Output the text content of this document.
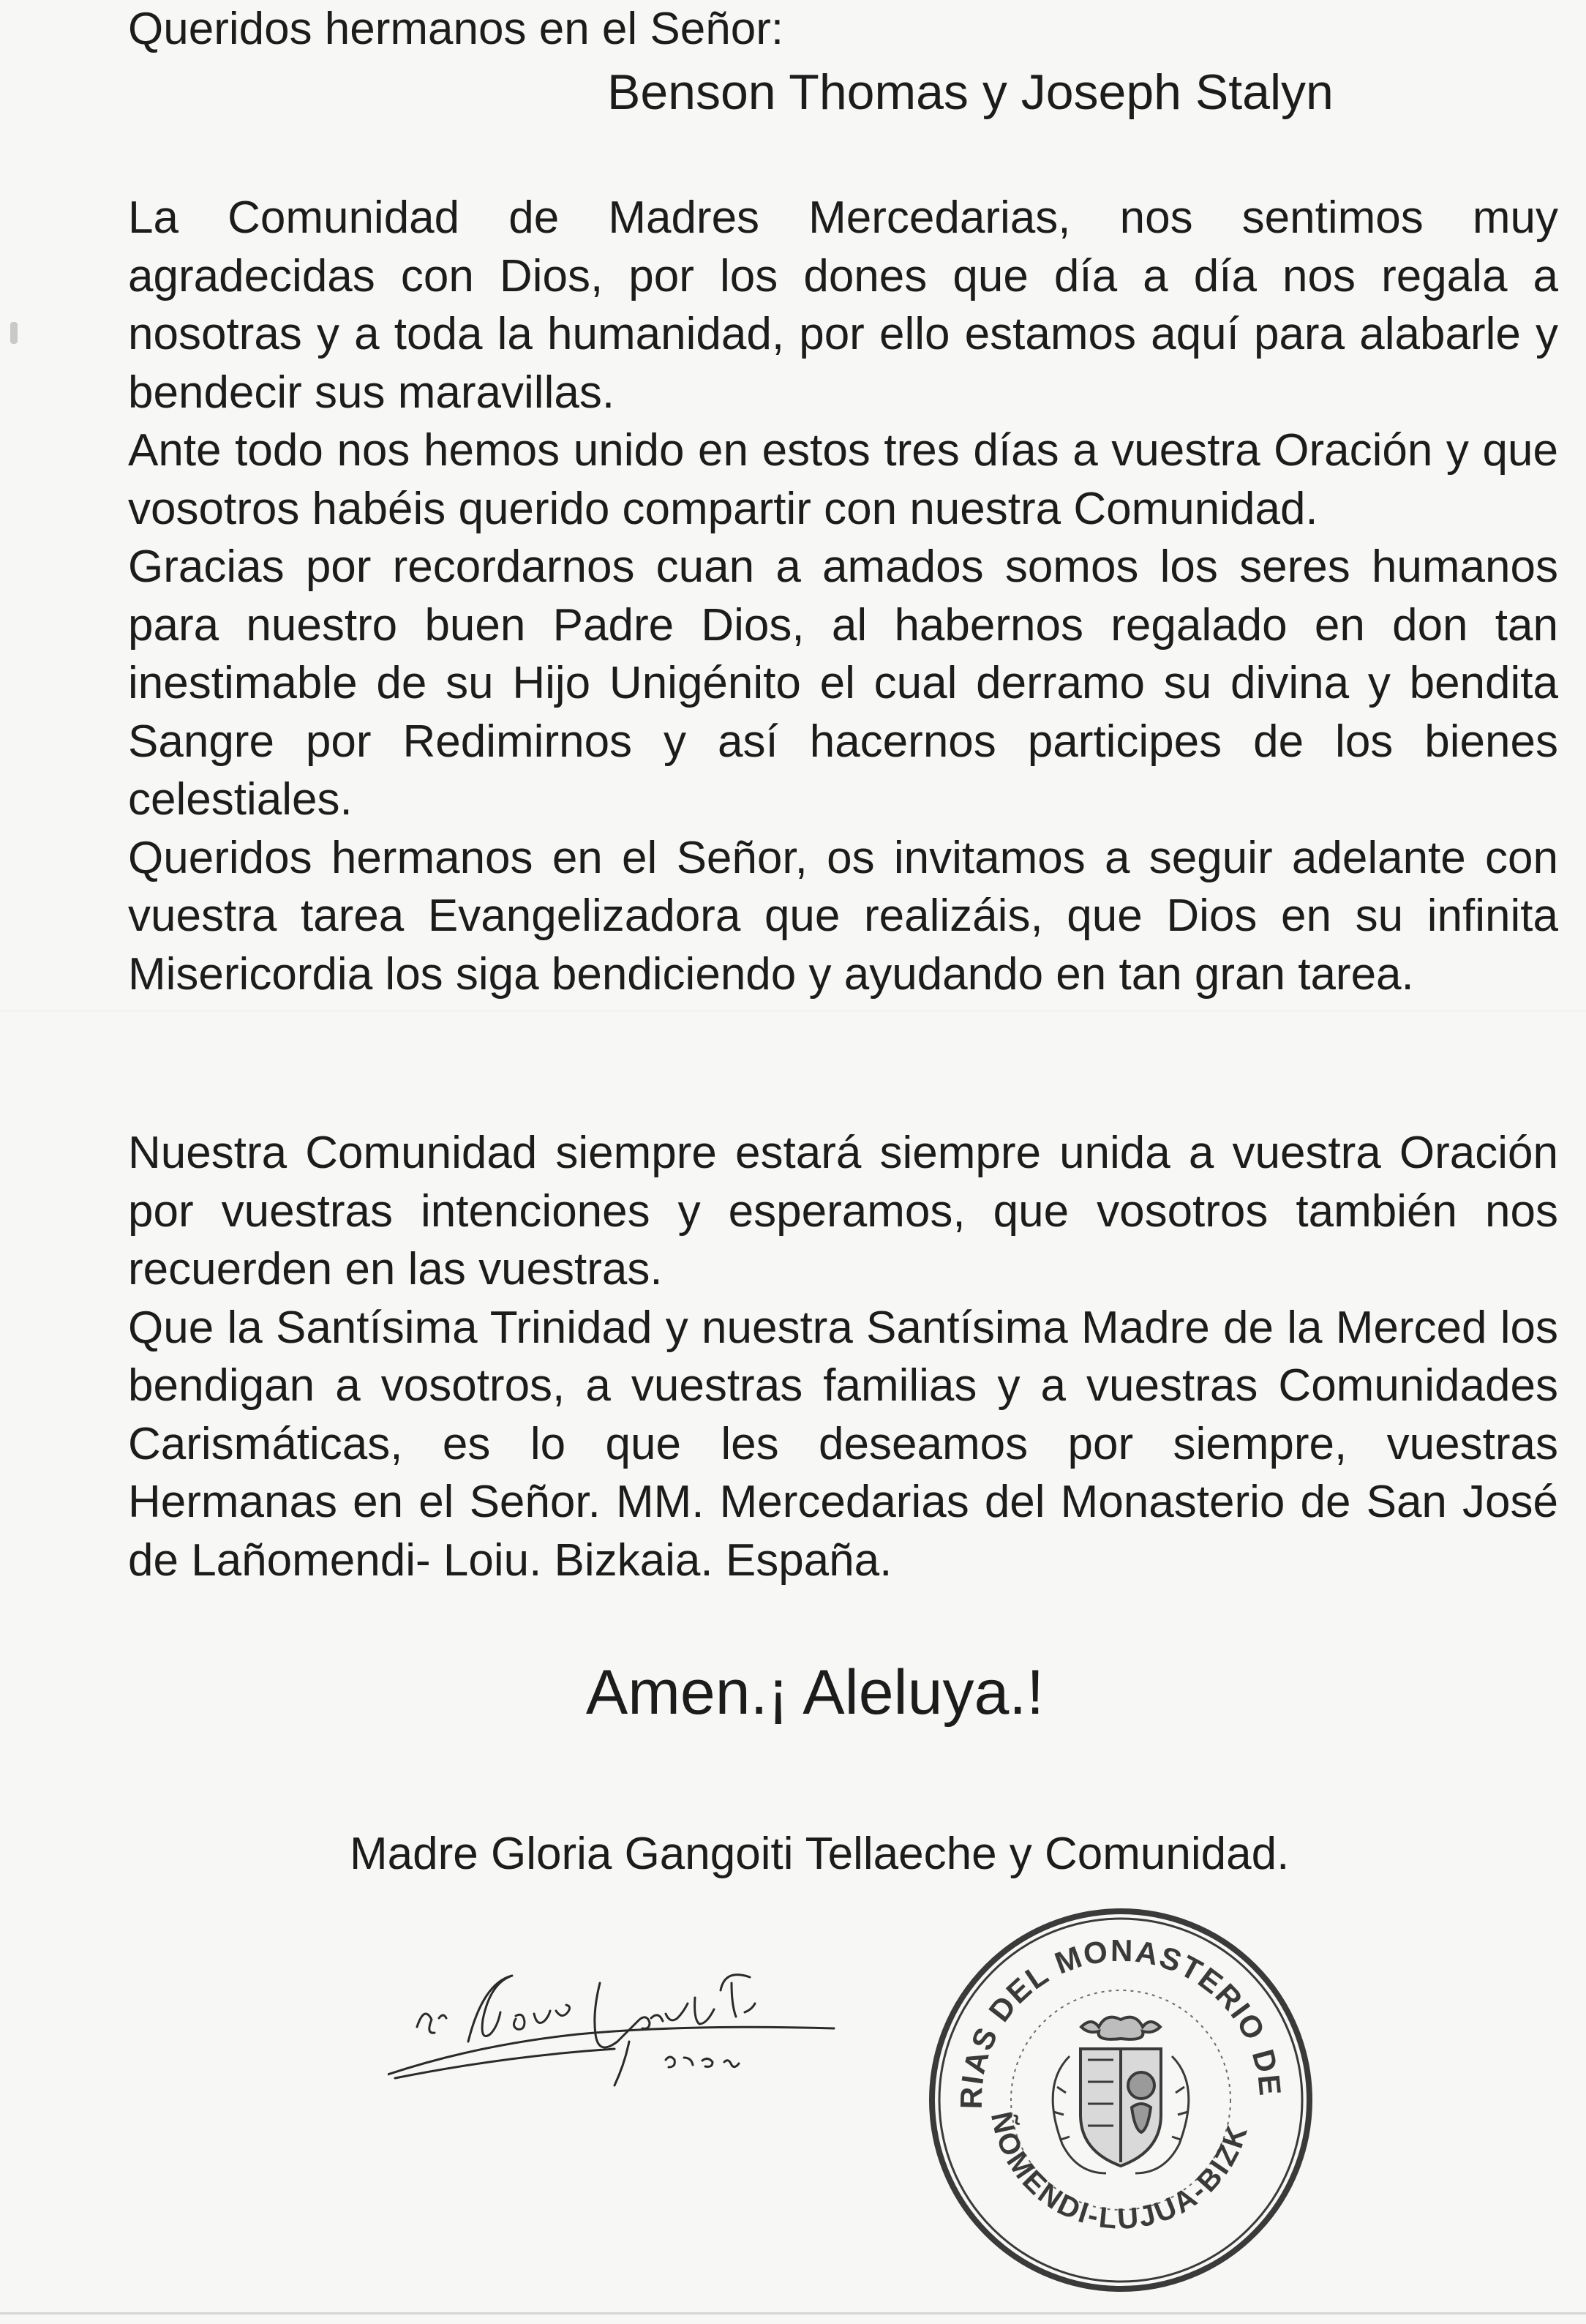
Queridos hermanos en el Señor:
Benson Thomas y Joseph Stalyn

La Comunidad de Madres Mercedarias, nos sentimos muy agradecidas con Dios, por los dones que día a día nos regala a nosotras y a toda la humanidad, por ello estamos aquí para alabarle y bendecir sus maravillas.

Ante todo nos hemos unido en estos tres días a vuestra Oración y que vosotros habéis querido compartir con nuestra Comunidad.

Gracias por recordarnos cuan a amados somos los seres humanos para nuestro buen Padre Dios, al habernos regalado en don tan inestimable de su Hijo Unigénito el cual derramo su divina y bendita Sangre por Redimirnos y así hacernos participes de los bienes celestiales.

Queridos hermanos en el Señor, os invitamos a seguir adelante con vuestra tarea Evangelizadora que realizáis, que Dios en su infinita Misericordia los siga bendiciendo y ayudando en tan gran tarea.

Nuestra Comunidad siempre estará siempre unida a vuestra Oración por vuestras intenciones y esperamos, que vosotros también nos recuerden en las vuestras.

Que la Santísima Trinidad y nuestra Santísima Madre de la Merced los bendigan a vosotros, a vuestras familias y a vuestras Comunidades Carismáticas, es lo que les deseamos por siempre, vuestras Hermanas en el Señor. MM. Mercedarias del Monasterio de San José de Lañomendi- Loiu. Bizkaia. España.

Amen.¡ Aleluya.!
Madre Gloria Gangoiti Tellaeche y Comunidad.
RIAS DEL MONASTERIO DE
ÑOMENDI-LUJUA-BIZK
